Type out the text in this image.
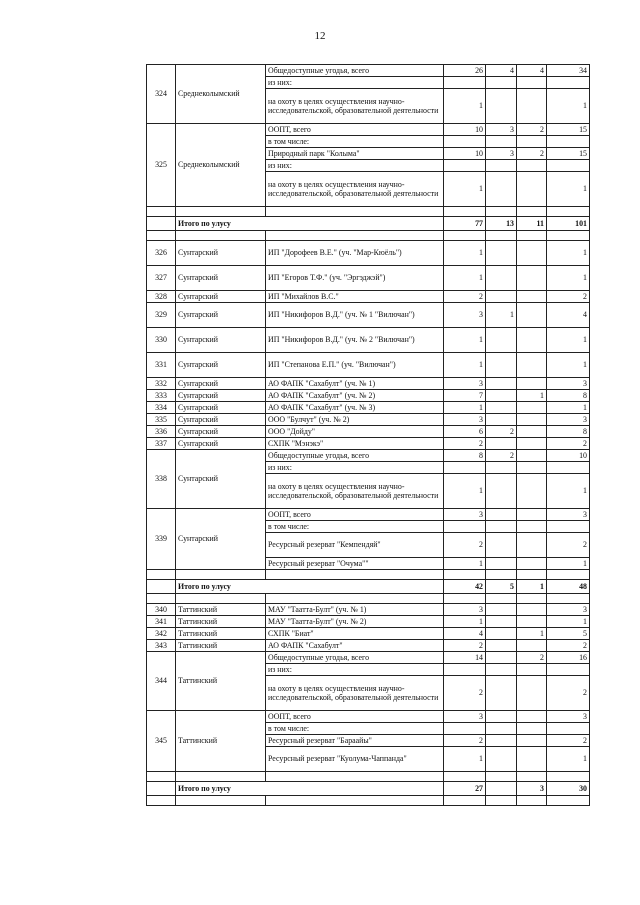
12
324	Среднеколымский	Общедоступные угодья, всего	26	4	4	34
		из них:				
		на охоту в целях осуществления научно-исследовательской, образовательной деятельности	1			1
325	Среднеколымский	ООПТ, всего	10	3	2	15
		в том числе:				
		Природный парк "Колыма"	10	3	2	15
		из них:				
		на охоту в целях осуществления научно-исследовательской, образовательной деятельности	1			1

	Итого по улусу		77	13	11	101

326	Сунтарский	ИП "Дорофеев В.Е." (уч. "Мар-Кюёль")	1			1
327	Сунтарский	ИП "Егоров Т.Ф." (уч. "Эргэджэй")	1			1
328	Сунтарский	ИП "Михайлов В.С."	2			2
329	Сунтарский	ИП "Никифоров В.Д." (уч. № 1 "Вилючан")	3	1		4
330	Сунтарский	ИП "Никифоров В.Д." (уч. № 2 "Вилючан")	1			1
331	Сунтарский	ИП "Степанова Е.П." (уч. "Вилючан")	1			1
332	Сунтарский	АО ФАПК "Сахабулт" (уч. № 1)	3			3
333	Сунтарский	АО ФАПК "Сахабулт" (уч. № 2)	7		1	8
334	Сунтарский	АО ФАПК "Сахабулт" (уч. № 3)	1			1
335	Сунтарский	ООО "Булчут" (уч. № 2)	3			3
336	Сунтарский	ООО "Дойду"	6	2		8
337	Сунтарский	СХПК "Мэнэкэ"	2			2
338	Сунтарский	Общедоступные угодья, всего	8	2		10
		из них:				
		на охоту в целях осуществления научно-исследовательской, образовательной деятельности	1			1
339	Сунтарский	ООПТ, всего	3			3
		в том числе:				
		Ресурсный резерват "Кемпендяй"	2			2
		Ресурсный резерват "Очума""	1			1

	Итого по улусу		42	5	1	48

340	Таттинский	МАУ "Таатта-Булт" (уч. № 1)	3			3
341	Таттинский	МАУ "Таатта-Булт" (уч. № 2)	1			1
342	Таттинский	СХПК "Биат"	4		1	5
343	Таттинский	АО ФАПК "Сахабулт"	2			2
344	Таттинский	Общедоступные угодья, всего	14		2	16
		из них:				
		на охоту в целях осуществления научно-исследовательской, образовательной деятельности	2			2
345	Таттинский	ООПТ, всего	3			3
		в том числе:				
		Ресурсный резерват "Бараайы"	2			2
		Ресурсный резерват "Куолума-Чаппанда"	1			1

	Итого по улусу		27		3	30
